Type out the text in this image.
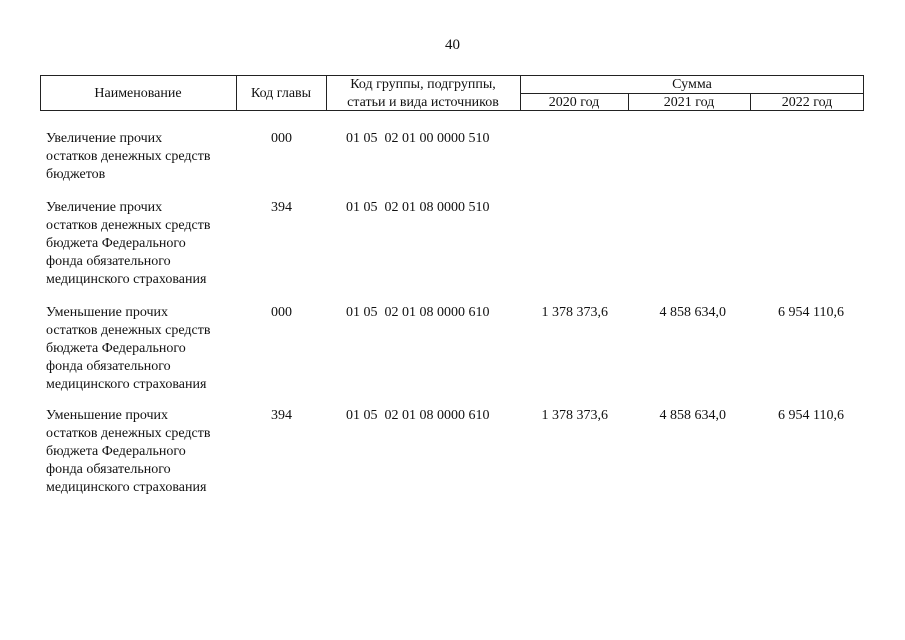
40
Наименование	Код главы
Код группы, подгруппы,
статьи и вида источников
Сумма
2020 год	2021 год	2022 год
Увеличение прочих
остатков денежных средств
бюджетов
000	01 05  02 01 00 0000 510
Увеличение прочих
остатков денежных средств
бюджета Федерального
фонда обязательного
медицинского страхования
394	01 05  02 01 08 0000 510
Уменьшение прочих
остатков денежных средств
бюджета Федерального
фонда обязательного
медицинского страхования
000	01 05  02 01 08 0000 610	1 378 373,6	4 858 634,0	6 954 110,6
Уменьшение прочих
остатков денежных средств
бюджета Федерального
фонда обязательного
медицинского страхования
394	01 05  02 01 08 0000 610	1 378 373,6	4 858 634,0	6 954 110,6
